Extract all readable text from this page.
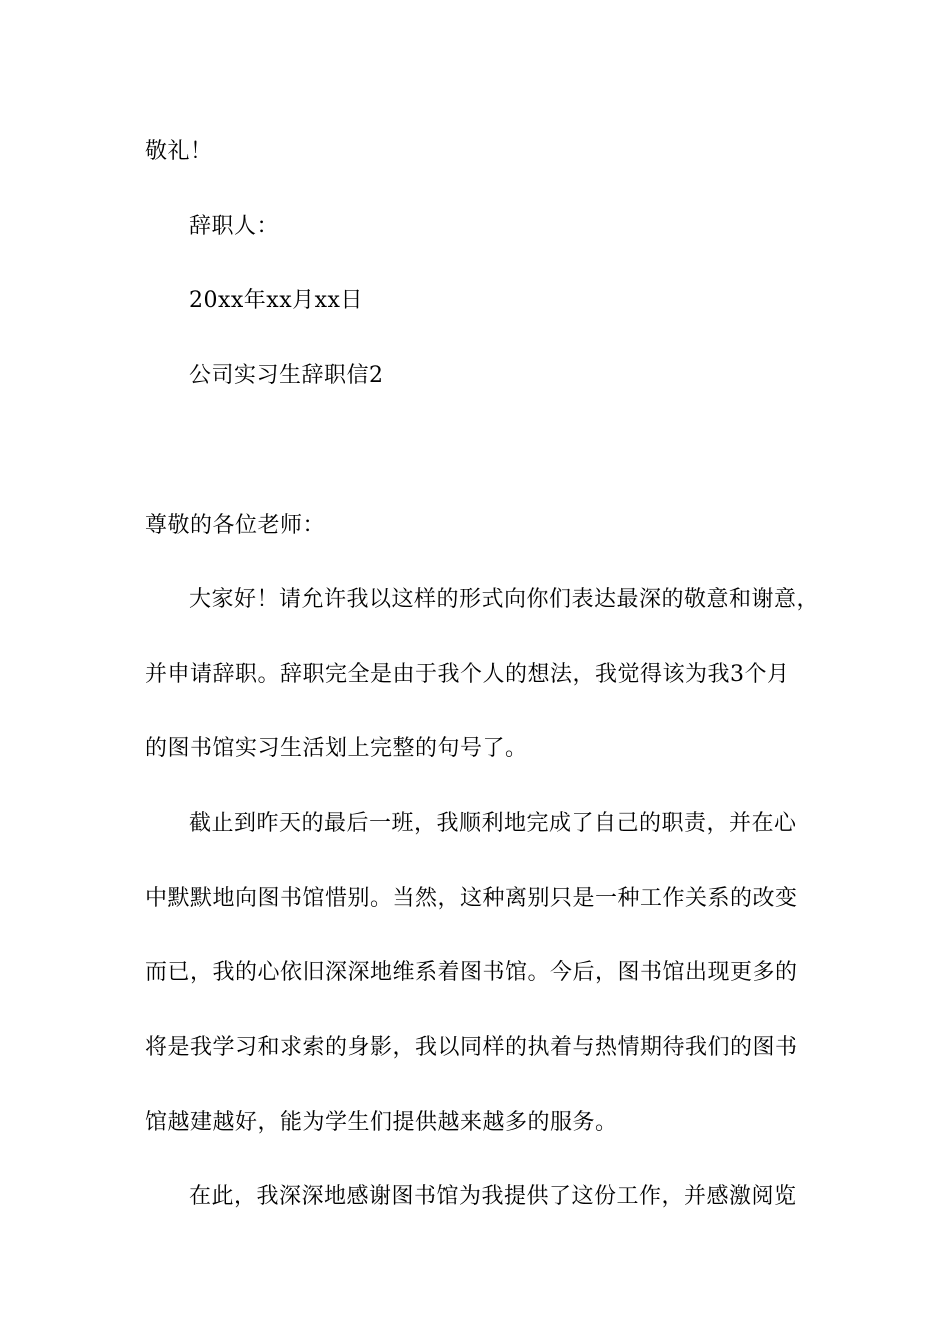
敬礼！
辞职人：
20xx年xx月xx日
公司实习生辞职信2
尊敬的各位老师：
大家好！请允许我以这样的形式向你们表达最深的敬意和谢意，
并申请辞职。辞职完全是由于我个人的想法，我觉得该为我3个月
的图书馆实习生活划上完整的句号了。
截止到昨天的最后一班，我顺利地完成了自己的职责，并在心
中默默地向图书馆惜别。当然，这种离别只是一种工作关系的改变
而已，我的心依旧深深地维系着图书馆。今后，图书馆出现更多的
将是我学习和求索的身影，我以同样的执着与热情期待我们的图书
馆越建越好，能为学生们提供越来越多的服务。
在此，我深深地感谢图书馆为我提供了这份工作，并感激阅览
